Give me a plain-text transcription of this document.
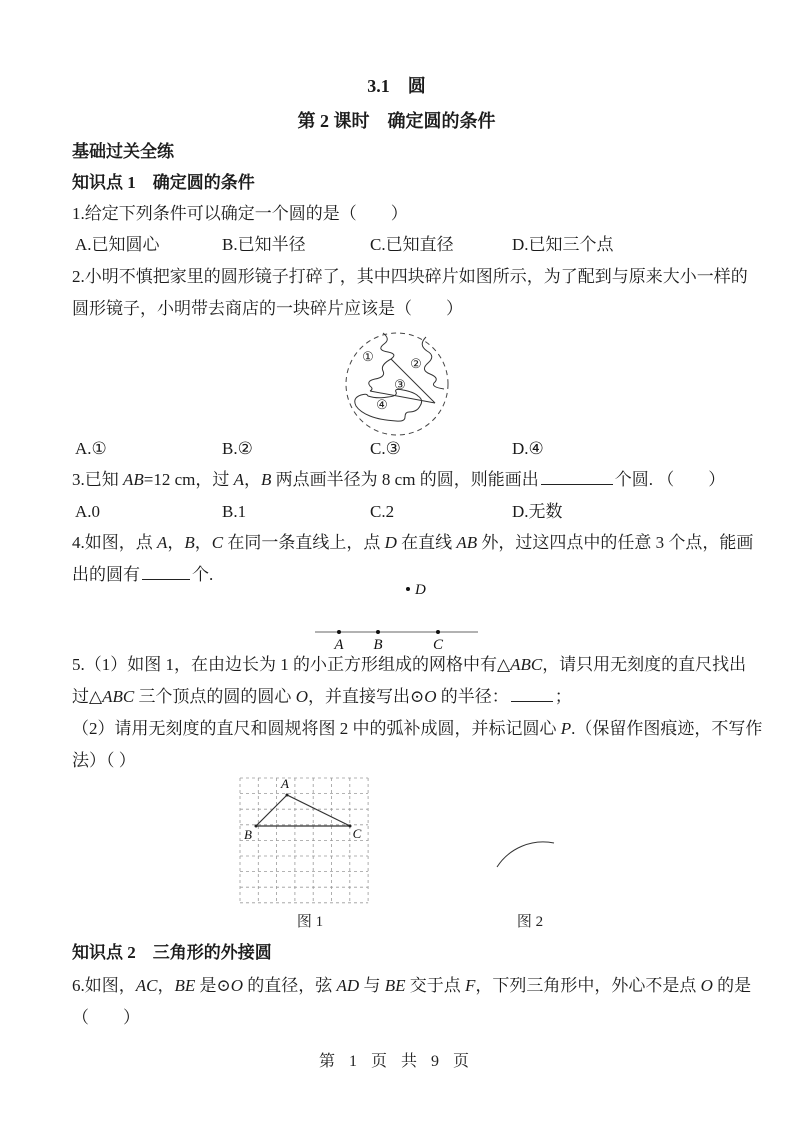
3.1　圆
第 2 课时　确定圆的条件
基础过关全练
知识点 1　确定圆的条件
1.给定下列条件可以确定一个圆的是（　　）
A.已知圆心	B.已知半径	C.已知直径	D.已知三个点
2.小明不慎把家里的圆形镜子打碎了，其中四块碎片如图所示，为了配到与原来大小一样的
圆形镜子，小明带去商店的一块碎片应该是（　　）
①	②
③
④
A.①	B.②	C.③	D.④
3.已知 AB=12 cm，过 A，B 两点画半径为 8 cm 的圆，则能画出	个圆. （　　）
A.0	B.1	C.2	D.无数
4.如图，点 A，B，C 在同一条直线上，点 D 在直线 AB 外，过这四点中的任意 3 个点，能画
出的圆有	个.
D
A B	C
5.（1）如图 1，在由边长为 1 的小正方形组成的网格中有△ABC，请只用无刻度的直尺找出
过△ABC 三个顶点的圆的圆心 O，并直接写出⊙O 的半径：	；
（2）请用无刻度的直尺和圆规将图 2 中的弧补成圆，并标记圆心 P.（保留作图痕迹，不写作
法）（ ）
A
B	C
图 1	图 2
知识点 2　三角形的外接圆
6.如图，AC，BE 是⊙O 的直径，弦 AD 与 BE 交于点 F，下列三角形中，外心不是点 O 的是
（　　）
第 1 页 共 9 页
